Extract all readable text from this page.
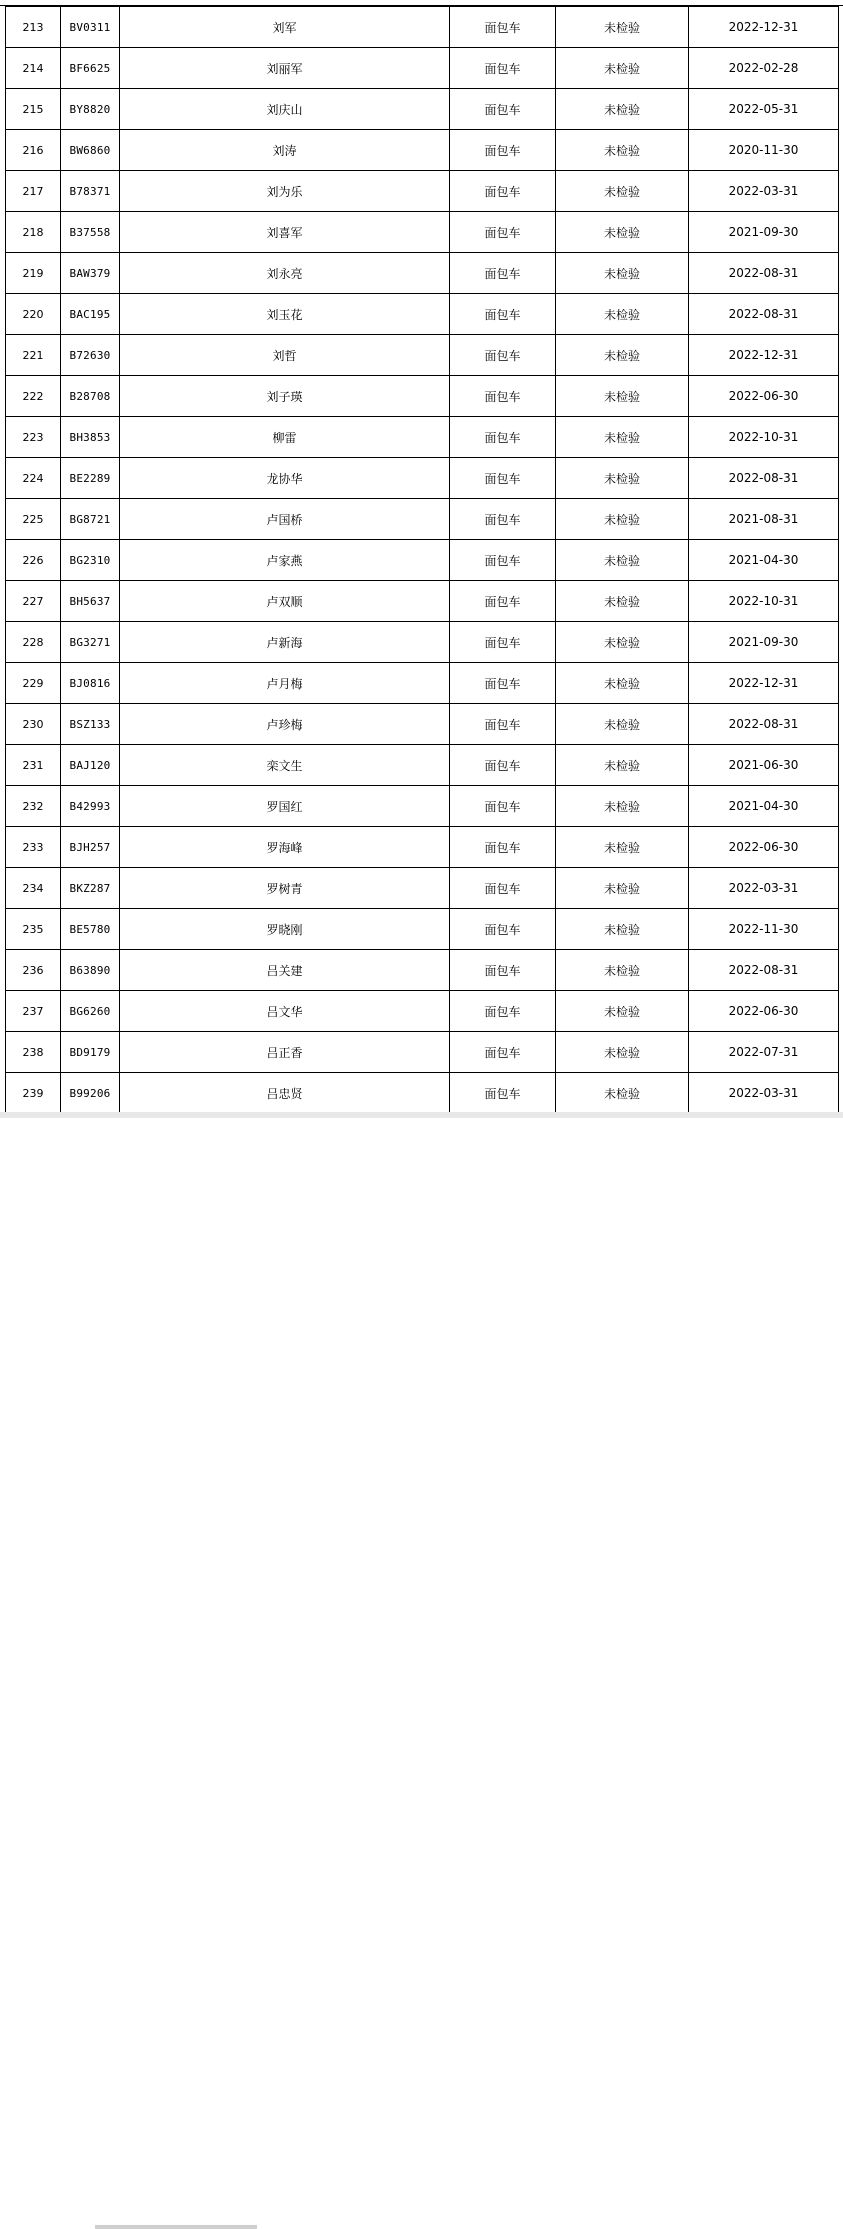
213	BV0311	刘军	面包车	未检验	2022-12-31
214	BF6625	刘丽军	面包车	未检验	2022-02-28
215	BY8820	刘庆山	面包车	未检验	2022-05-31
216	BW6860	刘涛	面包车	未检验	2020-11-30
217	B78371	刘为乐	面包车	未检验	2022-03-31
218	B37558	刘喜军	面包车	未检验	2021-09-30
219	BAW379	刘永亮	面包车	未检验	2022-08-31
220	BAC195	刘玉花	面包车	未检验	2022-08-31
221	B72630	刘哲	面包车	未检验	2022-12-31
222	B28708	刘子瑛	面包车	未检验	2022-06-30
223	BH3853	柳雷	面包车	未检验	2022-10-31
224	BE2289	龙协华	面包车	未检验	2022-08-31
225	BG8721	卢国桥	面包车	未检验	2021-08-31
226	BG2310	卢家燕	面包车	未检验	2021-04-30
227	BH5637	卢双顺	面包车	未检验	2022-10-31
228	BG3271	卢新海	面包车	未检验	2021-09-30
229	BJ0816	卢月梅	面包车	未检验	2022-12-31
230	BSZ133	卢珍梅	面包车	未检验	2022-08-31
231	BAJ120	栾文生	面包车	未检验	2021-06-30
232	B42993	罗国红	面包车	未检验	2021-04-30
233	BJH257	罗海峰	面包车	未检验	2022-06-30
234	BKZ287	罗树青	面包车	未检验	2022-03-31
235	BE5780	罗晓刚	面包车	未检验	2022-11-30
236	B63890	吕关建	面包车	未检验	2022-08-31
237	BG6260	吕文华	面包车	未检验	2022-06-30
238	BD9179	吕正香	面包车	未检验	2022-07-31
239	B99206	吕忠贤	面包车	未检验	2022-03-31
